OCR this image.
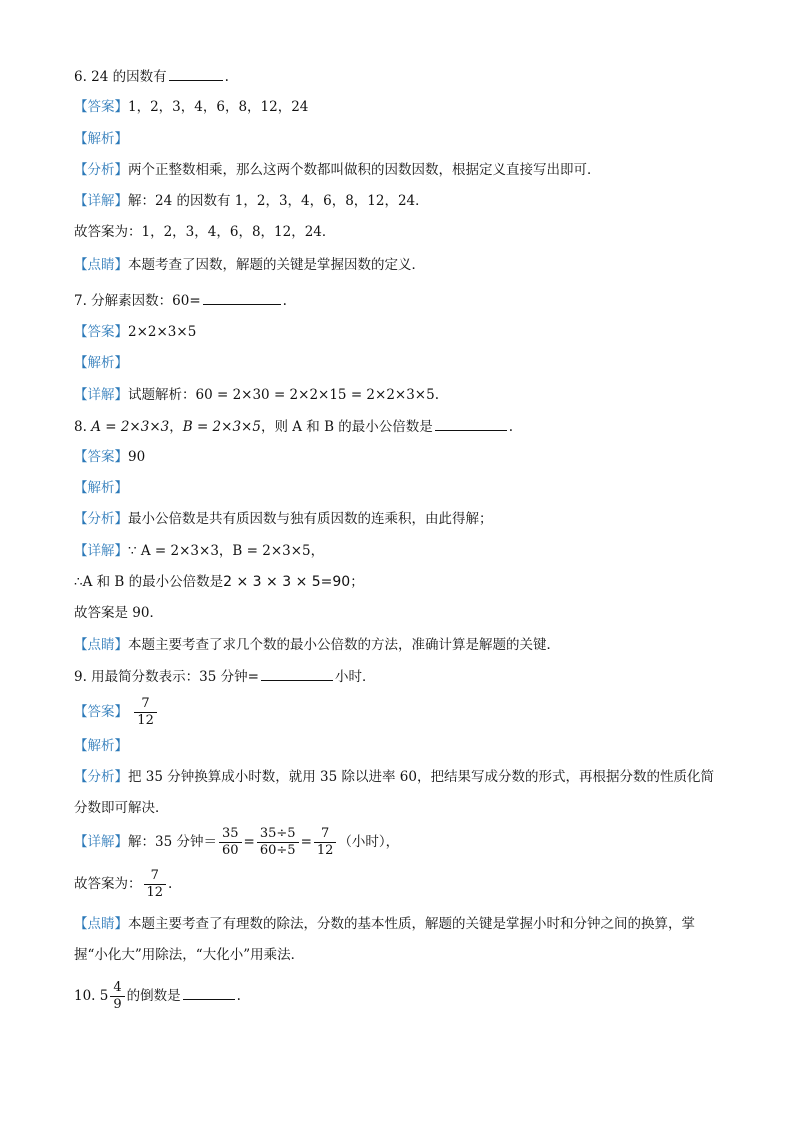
6. 24 的因数有	.
【答案】1，2，3，4，6，8，12，24
【解析】
【分析】两个正整数相乘，那么这两个数都叫做积的因数因数，根据定义直接写出即可．
【详解】解：24 的因数有 1，2，3，4，6，8，12，24．
故答案为：1，2，3，4，6，8，12，24．
【点睛】本题考查了因数，解题的关键是掌握因数的定义．
7. 分解素因数：60=	.
【答案】2×2×3×5
【解析】
【详解】试题解析：60 = 2×30 = 2×2×15 = 2×2×3×5.
8. A = 2×3×3，B = 2×3×5，则 A 和 B 的最小公倍数是	.
【答案】90
【解析】
【分析】最小公倍数是共有质因数与独有质因数的连乘积，由此得解；
【详解】∵ A = 2×3×3，B = 2×3×5，
∴A 和 B 的最小公倍数是2 × 3 × 3 × 5=90；
故答案是 90．
【点睛】本题主要考查了求几个数的最小公倍数的方法，准确计算是解题的关键．
9. 用最简分数表示：35 分钟=	小时．
【答案】 $\frac{7}{12}$
【解析】
【分析】把 35 分钟换算成小时数，就用 35 除以进率 60，把结果写成分数的形式，再根据分数的性质化简
分数即可解决．
【详解】解：35 分钟＝ $\frac{35}{60} = \frac{35\div 5}{60\div 5} = \frac{7}{12}$ （小时），
故答案为： $\frac{7}{12}$ .
【点睛】本题主要考查了有理数的除法，分数的基本性质，解题的关键是掌握小时和分钟之间的换算，掌
握“小化大”用除法，“大化小”用乘法．
10. $5 \frac{4}{9}$ 的倒数是	.
